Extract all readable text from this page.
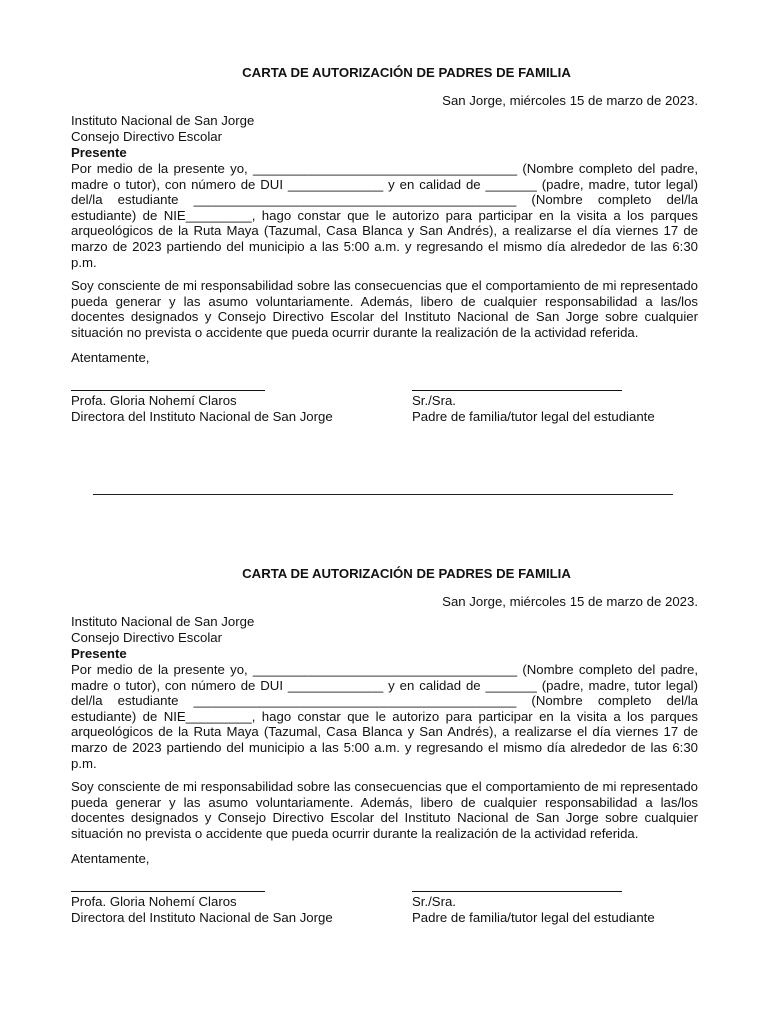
CARTA DE AUTORIZACIÓN DE PADRES DE FAMILIA
San Jorge, miércoles 15 de marzo de 2023.
Instituto Nacional de San Jorge
Consejo Directivo Escolar
Presente

Por medio de la presente yo, ____________________________________ (Nombre completo del padre, madre o tutor), con número de DUI _____________ y en calidad de _______ (padre, madre, tutor legal) del/la estudiante ____________________________________________ (Nombre completo del/la estudiante) de NIE_________, hago constar que le autorizo para participar en la visita a los parques arqueológicos de la Ruta Maya (Tazumal, Casa Blanca y San Andrés), a realizarse el día viernes 17 de marzo de 2023 partiendo del municipio a las 5:00 a.m. y regresando el mismo día alrededor de las 6:30 p.m.

Soy consciente de mi responsabilidad sobre las consecuencias que el comportamiento de mi representado pueda generar y las asumo voluntariamente. Además, libero de cualquier responsabilidad a las/los docentes designados y Consejo Directivo Escolar del Instituto Nacional de San Jorge sobre cualquier situación no prevista o accidente que pueda ocurrir durante la realización de la actividad referida.

Atentamente,
Profa. Gloria Nohemí Claros
Directora del Instituto Nacional de San Jorge
Sr./Sra.
Padre de familia/tutor legal del estudiante
CARTA DE AUTORIZACIÓN DE PADRES DE FAMILIA
San Jorge, miércoles 15 de marzo de 2023.
Instituto Nacional de San Jorge
Consejo Directivo Escolar
Presente

Por medio de la presente yo, ____________________________________ (Nombre completo del padre, madre o tutor), con número de DUI _____________ y en calidad de _______ (padre, madre, tutor legal) del/la estudiante ____________________________________________ (Nombre completo del/la estudiante) de NIE_________, hago constar que le autorizo para participar en la visita a los parques arqueológicos de la Ruta Maya (Tazumal, Casa Blanca y San Andrés), a realizarse el día viernes 17 de marzo de 2023 partiendo del municipio a las 5:00 a.m. y regresando el mismo día alrededor de las 6:30 p.m.

Soy consciente de mi responsabilidad sobre las consecuencias que el comportamiento de mi representado pueda generar y las asumo voluntariamente. Además, libero de cualquier responsabilidad a las/los docentes designados y Consejo Directivo Escolar del Instituto Nacional de San Jorge sobre cualquier situación no prevista o accidente que pueda ocurrir durante la realización de la actividad referida.

Atentamente,
Profa. Gloria Nohemí Claros
Directora del Instituto Nacional de San Jorge
Sr./Sra.
Padre de familia/tutor legal del estudiante
